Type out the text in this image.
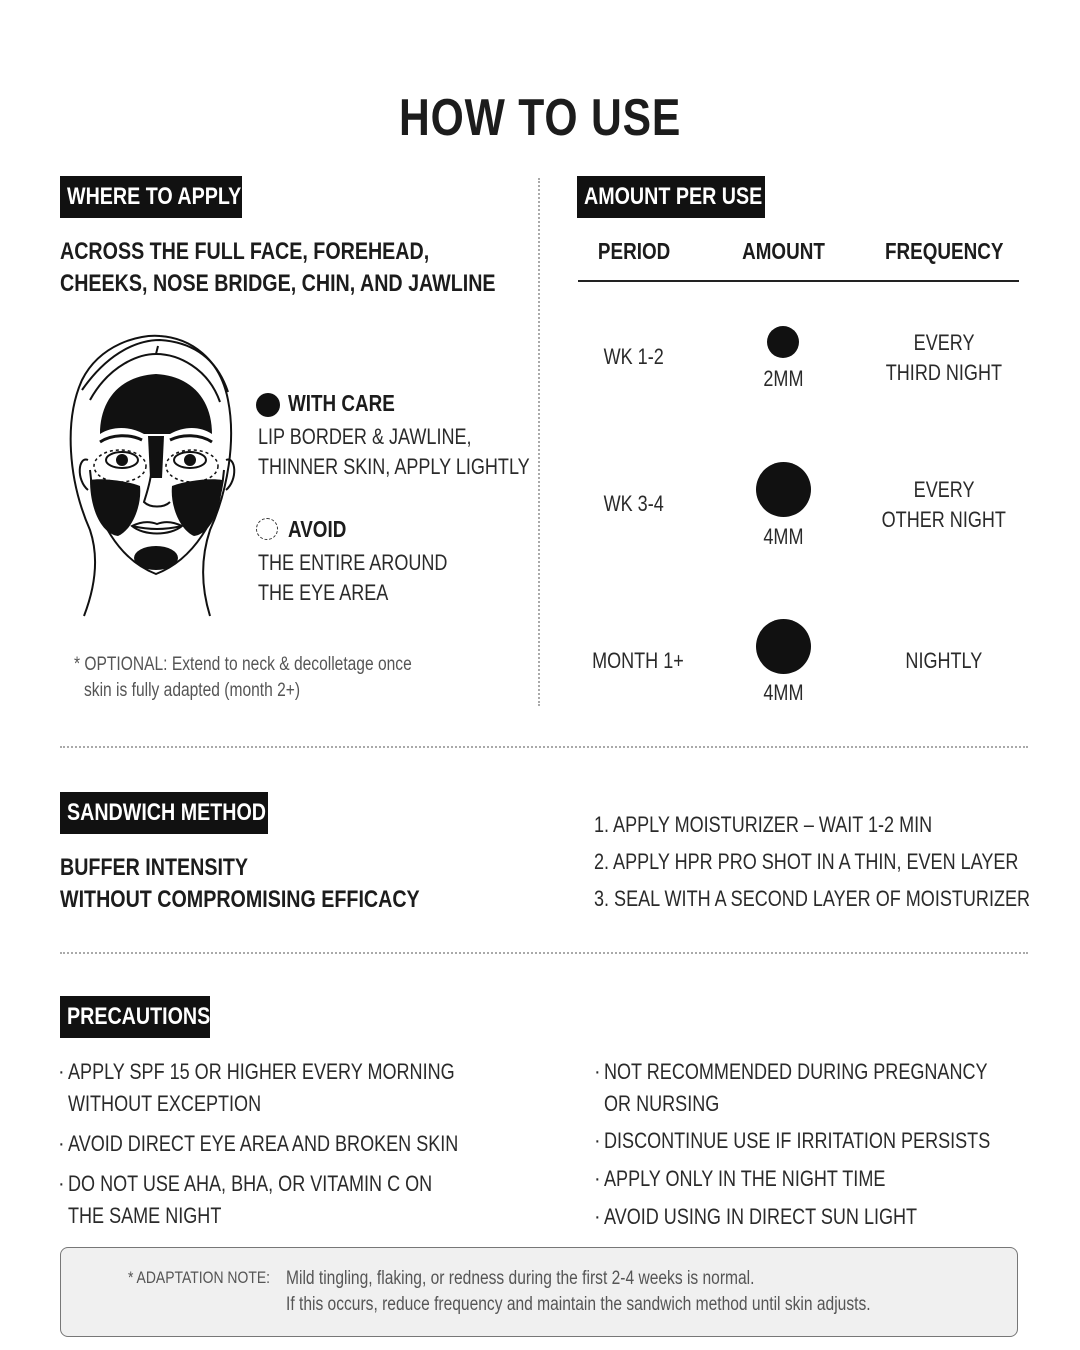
HOW TO USE
WHERE TO APPLY
ACROSS THE FULL FACE, FOREHEAD,
CHEEKS, NOSE BRIDGE, CHIN, AND JAWLINE
WITH CARE
LIP BORDER & JAWLINE,
THINNER SKIN, APPLY LIGHTLY
AVOID
THE ENTIRE AROUND
THE EYE AREA
* OPTIONAL: Extend to neck & decolletage once
skin is fully adapted (month 2+)
AMOUNT PER USE
PERIOD	AMOUNT	FREQUENCY
WK 1-2
2MM
EVERY
THIRD NIGHT
WK 3-4
4MM
EVERY
OTHER NIGHT
MONTH 1+
4MM
NIGHTLY
SANDWICH METHOD
BUFFER INTENSITY
WITHOUT COMPROMISING EFFICACY
1. APPLY MOISTURIZER – WAIT 1-2 MIN
2. APPLY HPR PRO SHOT IN A THIN, EVEN LAYER
3. SEAL WITH A SECOND LAYER OF MOISTURIZER
PRECAUTIONS
· APPLY SPF 15 OR HIGHER EVERY MORNING
WITHOUT EXCEPTION
· AVOID DIRECT EYE AREA AND BROKEN SKIN
· DO NOT USE AHA, BHA, OR VITAMIN C ON
THE SAME NIGHT
· NOT RECOMMENDED DURING PREGNANCY
OR NURSING
· DISCONTINUE USE IF IRRITATION PERSISTS
· APPLY ONLY IN THE NIGHT TIME
· AVOID USING IN DIRECT SUN LIGHT
* ADAPTATION NOTE: Mild tingling, flaking, or redness during the first 2-4 weeks is normal.
If this occurs, reduce frequency and maintain the sandwich method until skin adjusts.
